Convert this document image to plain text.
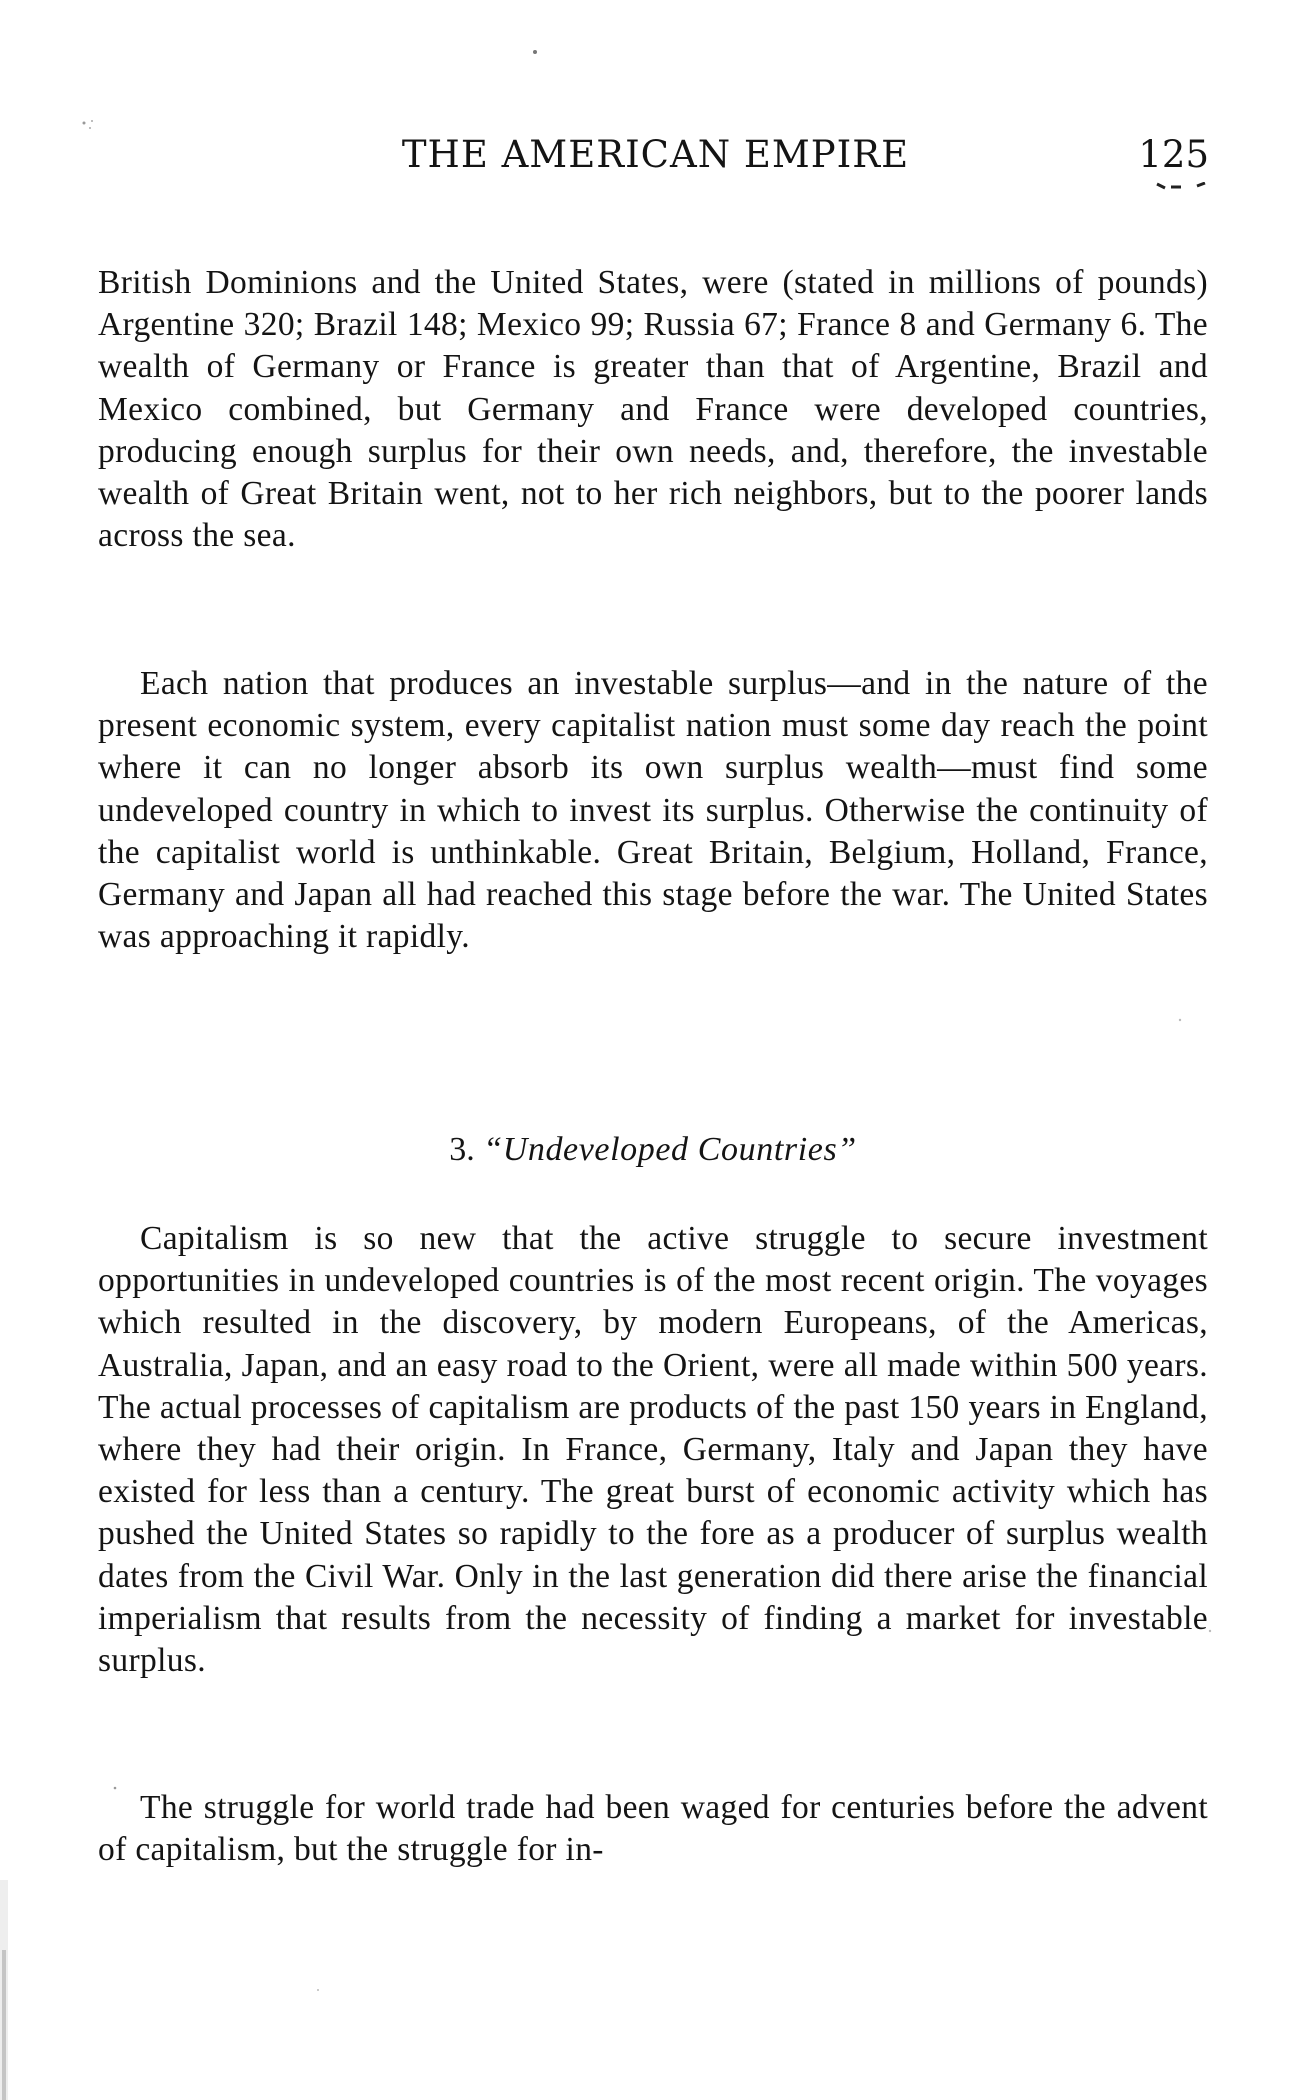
THE AMERICAN EMPIRE	125

British Dominions and the United States, were (stated in millions of pounds) Argentine 320; Brazil 148; Mexico 99; Russia 67; France 8 and Germany 6. The wealth of Germany or France is greater than that of Argentine, Brazil and Mexico combined, but Germany and France were developed countries, producing enough surplus for their own needs, and, therefore, the investable wealth of Great Britain went, not to her rich neighbors, but to the poorer lands across the sea.

Each nation that produces an investable surplus—and in the nature of the present economic system, every capitalist nation must some day reach the point where it can no longer absorb its own surplus wealth—must find some undeveloped country in which to invest its surplus. Otherwise the continuity of the capitalist world is unthinkable. Great Britain, Belgium, Holland, France, Germany and Japan all had reached this stage before the war. The United States was approaching it rapidly.

3. “Undeveloped Countries”

Capitalism is so new that the active struggle to secure investment opportunities in undeveloped countries is of the most recent origin. The voyages which resulted in the discovery, by modern Europeans, of the Americas, Australia, Japan, and an easy road to the Orient, were all made within 500 years. The actual processes of capitalism are products of the past 150 years in England, where they had their origin. In France, Germany, Italy and Japan they have existed for less than a century. The great burst of economic activity which has pushed the United States so rapidly to the fore as a producer of surplus wealth dates from the Civil War. Only in the last generation did there arise the financial imperialism that results from the necessity of finding a market for investable surplus.

The struggle for world trade had been waged for centuries before the advent of capitalism, but the struggle for in-
